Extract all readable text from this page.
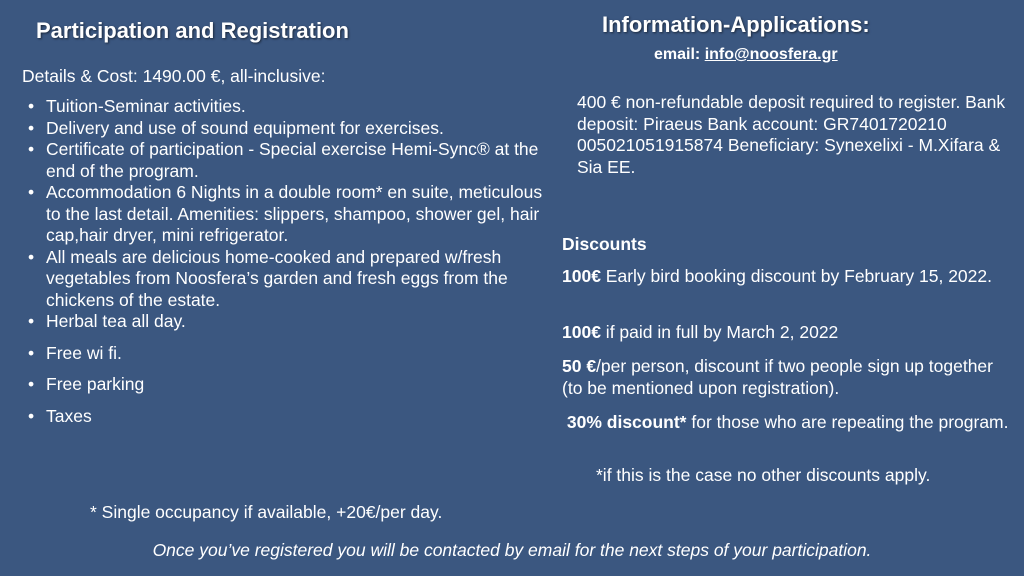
Participation and Registration
Details & Cost: 1490.00 €, all-inclusive:
• Tuition-Seminar activities.
• Delivery and use of sound equipment for exercises.
• Certificate of participation - Special exercise Hemi-Sync® at the end of the program.
• Accommodation 6 Nights in a double room* en suite, meticulous to the last detail. Amenities: slippers, shampoo, shower gel, hair cap,hair dryer, mini refrigerator.
• All meals are delicious home-cooked and prepared w/fresh vegetables from Noosfera’s garden and fresh eggs from the chickens of the estate.
• Herbal tea all day.
• Free wi fi.
• Free parking
• Taxes
* Single occupancy if available, +20€/per day.
Information-Applications:
email: info@noosfera.gr
400 € non-refundable deposit required to register. Bank deposit: Piraeus Bank account: GR7401720210 005021051915874 Beneficiary: Synexelixi - M.Xifara & Sia EE.
Discounts
100€ Early bird booking discount by February 15, 2022.
100€ if paid in full by March 2, 2022
50 €/per person, discount if two people sign up together (to be mentioned upon registration).
30% discount* for those who are repeating the program.
*if this is the case no other discounts apply.
Once you’ve registered you will be contacted by email for the next steps of your participation.
